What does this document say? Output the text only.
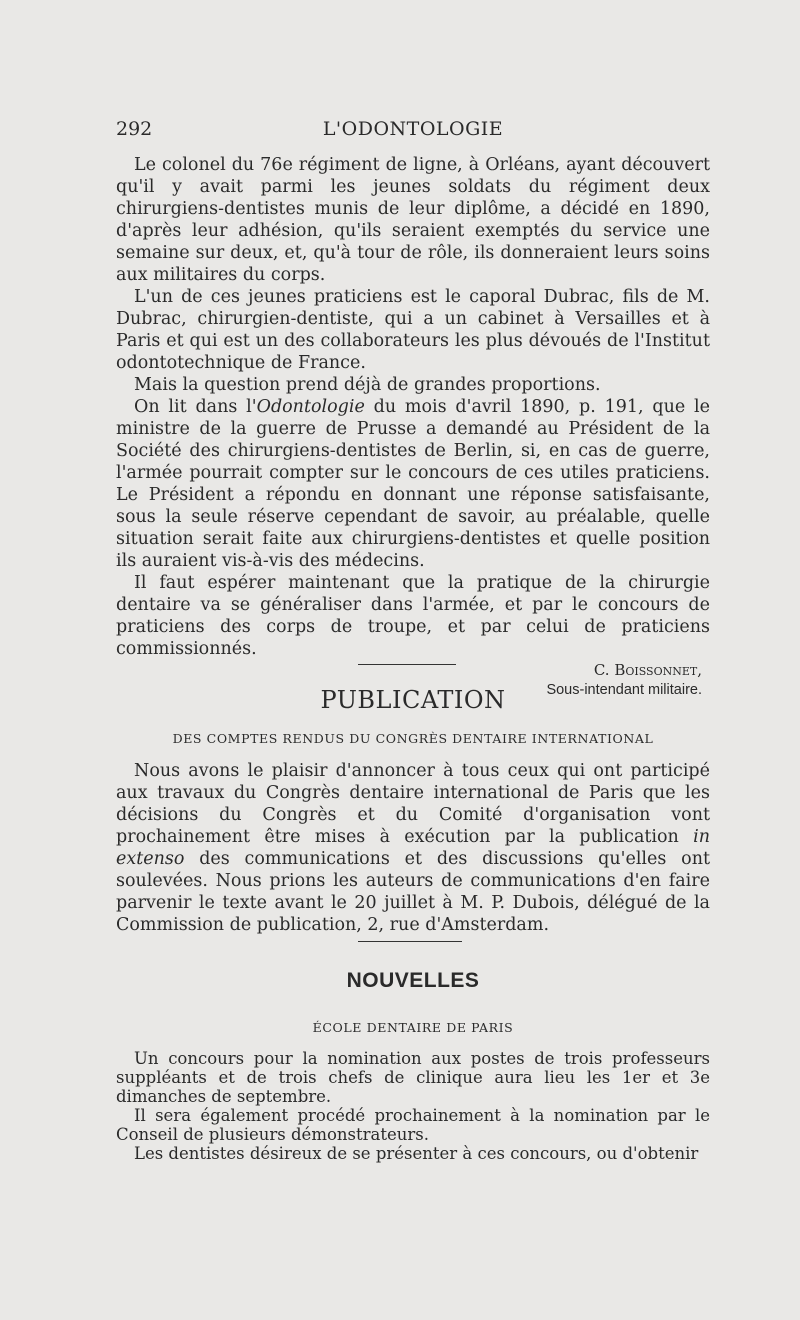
292	L'ODONTOLOGIE

Le colonel du 76e régiment de ligne, à Orléans, ayant découvert qu'il y avait parmi les jeunes soldats du régiment deux chirurgiens-dentistes munis de leur diplôme, a décidé en 1890, d'après leur adhésion, qu'ils seraient exemptés du service une semaine sur deux, et, qu'à tour de rôle, ils donneraient leurs soins aux militaires du corps.

L'un de ces jeunes praticiens est le caporal Dubrac, fils de M. Dubrac, chirurgien-dentiste, qui a un cabinet à Versailles et à Paris et qui est un des collaborateurs les plus dévoués de l'Institut odontotechnique de France.

Mais la question prend déjà de grandes proportions.

On lit dans l'Odontologie du mois d'avril 1890, p. 191, que le ministre de la guerre de Prusse a demandé au Président de la Société des chirurgiens-dentistes de Berlin, si, en cas de guerre, l'armée pourrait compter sur le concours de ces utiles praticiens. Le Président a répondu en donnant une réponse satisfaisante, sous la seule réserve cependant de savoir, au préalable, quelle situation serait faite aux chirurgiens-dentistes et quelle position ils auraient vis-à-vis des médecins.

Il faut espérer maintenant que la pratique de la chirurgie dentaire va se généraliser dans l'armée, et par le concours de praticiens des corps de troupe, et par celui de praticiens commissionnés.

C. Boissonnet,

Sous-intendant militaire.

PUBLICATION
DES COMPTES RENDUS DU CONGRÈS DENTAIRE INTERNATIONAL

Nous avons le plaisir d'annoncer à tous ceux qui ont participé aux travaux du Congrès dentaire international de Paris que les décisions du Congrès et du Comité d'organisation vont prochainement être mises à exécution par la publication in extenso des communications et des discussions qu'elles ont soulevées. Nous prions les auteurs de communications d'en faire parvenir le texte avant le 20 juillet à M. P. Dubois, délégué de la Commission de publication, 2, rue d'Amsterdam.

NOUVELLES
ÉCOLE DENTAIRE DE PARIS

Un concours pour la nomination aux postes de trois professeurs suppléants et de trois chefs de clinique aura lieu les 1er et 3e dimanches de septembre.

Il sera également procédé prochainement à la nomination par le Conseil de plusieurs démonstrateurs.

Les dentistes désireux de se présenter à ces concours, ou d'obtenir
